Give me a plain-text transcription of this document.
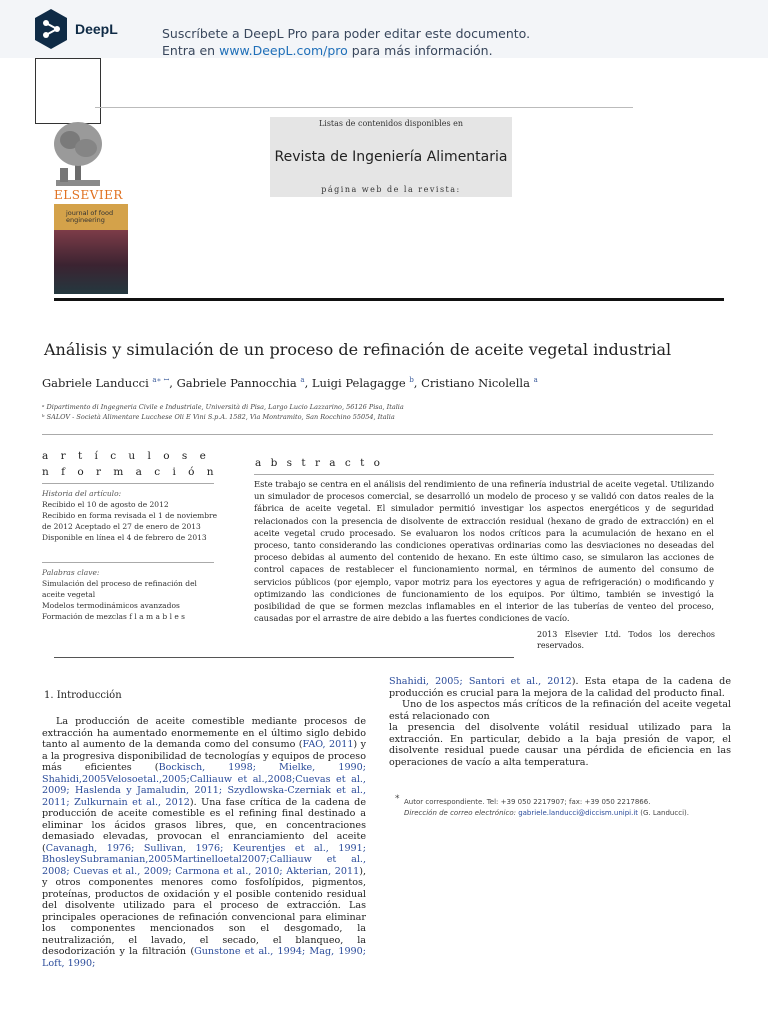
DeepL	Suscríbete a DeepL Pro para poder editar este documento.
Entra en www.DeepL.com/pro para más información.
ELSEVIER
journal of food engineering
Listas de contenidos disponibles en
Revista de Ingeniería Alimentaria
página web de la revista:
Análisis y simulación de un proceso de refinación de aceite vegetal industrial
Gabriele Landucci $^{a∗ ꟷ}$, Gabriele Pannocchia $^a$, Luigi Pelagagge $^b$, Cristiano Nicolella $^a$
ᵃ Dipartimento di Ingegneria Civile e Industriale, Università di Pisa, Largo Lucio Lazzarino, 56126 Pisa, Italia
ᵇ SALOV - Società Alimentare Lucchese Oli E Vini S.p.A. 1582, Via Montramito, San Rocchino 55054, Italia
a r t í c u l o s e n f o r m a c i ó n
a b s t r a c t o
Historia del artículo:
Recibido el 10 de agosto de 2012
Recibido en forma revisada el 1 de noviembre de 2012 Aceptado el 27 de enero de 2013
Disponible en línea el 4 de febrero de 2013
Palabras clave:
Simulación del proceso de refinación del aceite vegetal
Modelos termodinámicos avanzados
Formación de mezclas f l a m a b l e s
Este trabajo se centra en el análisis del rendimiento de una refinería industrial de aceite vegetal. Utilizando un simulador de procesos comercial, se desarrolló un modelo de proceso y se validó con datos reales de la fábrica de aceite vegetal. El simulador permitió investigar los aspectos energéticos y de seguridad relacionados con la presencia de disolvente de extracción residual (hexano de grado de extracción) en el aceite vegetal crudo procesado. Se evaluaron los nodos críticos para la acumulación de hexano en el proceso, tanto considerando las condiciones operativas ordinarias como las desviaciones no deseadas del proceso debidas al aumento del contenido de hexano. En este último caso, se simularon las acciones de control capaces de restablecer el funcionamiento normal, en términos de aumento del consumo de servicios públicos (por ejemplo, vapor motriz para los eyectores y agua de refrigeración) o modificando y optimizando las condiciones de funcionamiento de los equipos. Por último, también se investigó la posibilidad de que se formen mezclas inflamables en el interior de las tuberías de venteo del proceso, causadas por el arrastre de aire debido a las fuertes condiciones de vacío.
2013 Elsevier Ltd. Todos los derechos reservados.
1. Introducción
La producción de aceite comestible mediante procesos de extracción ha aumentado enormemente en el último siglo debido tanto al aumento de la demanda como del consumo (FAO, 2011) y a la progresiva disponibilidad de tecnologías y equipos de proceso más eficientes (Bockisch, 1998; Mielke, 1990; Shahidi,2005Velosoetal.,2005;Calliauw et al.,2008;Cuevas et al., 2009; Haslenda y Jamaludin, 2011; Szydlowska-Czerniak et al., 2011; Zulkurnain et al., 2012). Una fase crítica de la cadena de producción de aceite comestible es el refining final destinado a eliminar los ácidos grasos libres, que, en concentraciones demasiado elevadas, provocan el enranciamiento del aceite (Cavanagh, 1976; Sullivan, 1976; Keurentjes et al., 1991; BhosleySubramanian,2005Martinelloetal2007;Calliauw et al., 2008; Cuevas et al., 2009; Carmona et al., 2010; Akterian, 2011), y otros componentes menores como fosfolípidos, pigmentos, proteínas, productos de oxidación y el posible contenido residual del disolvente utilizado para el proceso de extracción. Las principales operaciones de refinación convencional para eliminar los componentes mencionados son el desgomado, la neutralización, el lavado, el secado, el blanqueo, la desodorización y la filtración (Gunstone et al., 1994; Mag, 1990; Loft, 1990;
Shahidi, 2005; Santori et al., 2012). Esta etapa de la cadena de producción es crucial para la mejora de la calidad del producto final.
Uno de los aspectos más críticos de la refinación del aceite vegetal está relacionado con
la presencia del disolvente volátil residual utilizado para la extracción. En particular, debido a la baja presión de vapor, el disolvente residual puede causar una pérdida de eficiencia en las operaciones de vacío a alta temperatura.
* Autor correspondiente. Tel: +39 050 2217907; fax: +39 050 2217866.
Dirección de correo electrónico: gabriele.landucci@diccism.unipi.it (G. Landucci).
